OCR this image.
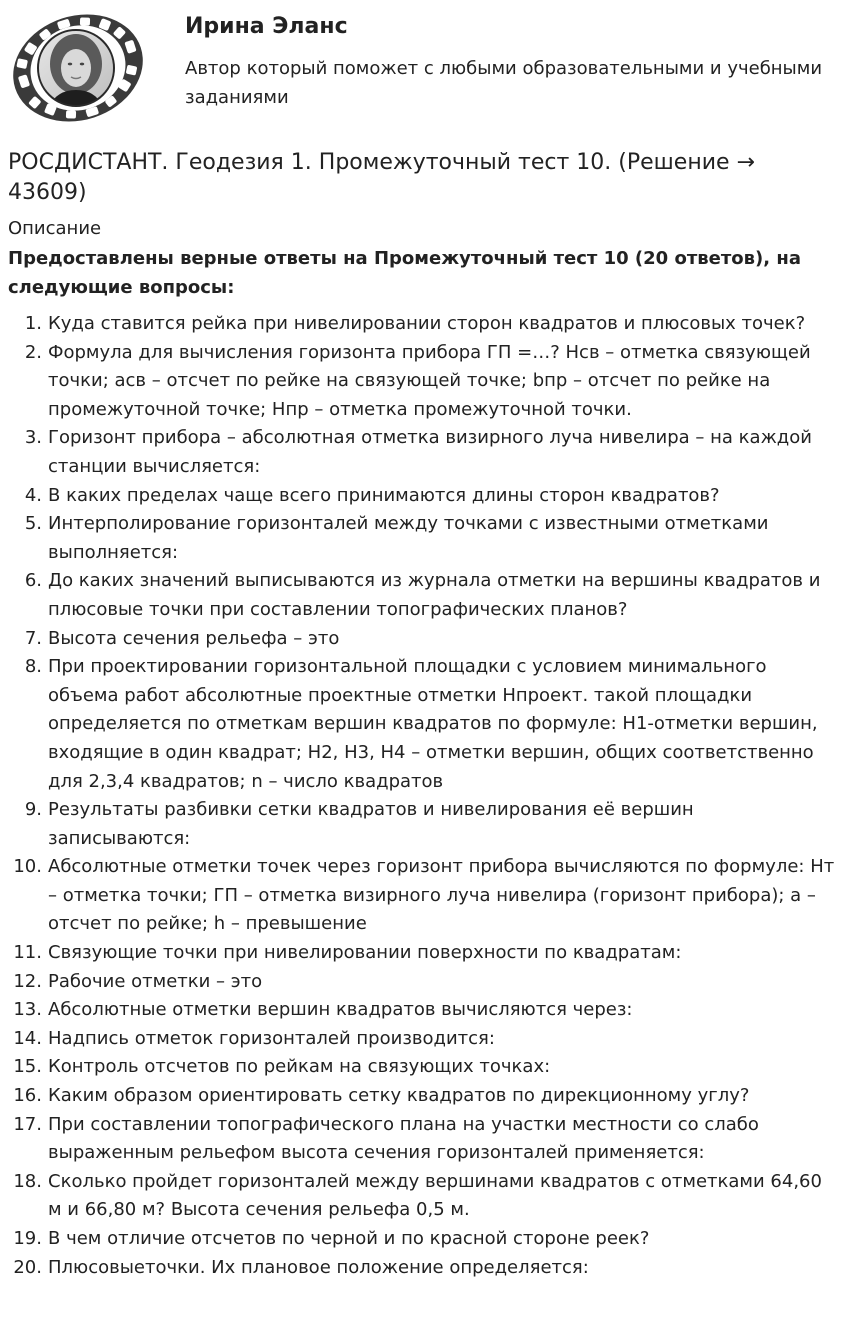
Ирина Эланс
Автор который поможет с любыми образовательными и учебными заданиями
РОСДИСТАНТ. Геодезия 1. Промежуточный тест 10. (Решение → 43609)
Описание
Предоставлены верные ответы на Промежуточный тест 10 (20 ответов), на следующие вопросы:
1. Куда ставится рейка при нивелировании сторон квадратов и плюсовых точек?
2. Формула для вычисления горизонта прибора ГП =…? Нсв – отметка связующей точки; асв – отсчет по рейке на связующей точке; bпр – отсчет по рейке на промежуточной точке; Нпр – отметка промежуточной точки.
3. Горизонт прибора – абсолютная отметка визирного луча нивелира – на каждой станции вычисляется:
4. В каких пределах чаще всего принимаются длины сторон квадратов?
5. Интерполирование горизонталей между точками с известными отметками выполняется:
6. До каких значений выписываются из журнала отметки на вершины квадратов и плюсовые точки при составлении топографических планов?
7. Высота сечения рельефа – это
8. При проектировании горизонтальной площадки с условием минимального объема работ абсолютные проектные отметки Нпроект. такой площадки определяется по отметкам вершин квадратов по формуле: Н1-отметки вершин, входящие в один квадрат; Н2, Н3, Н4 – отметки вершин, общих соответственно для 2,3,4 квадратов; n – число квадратов
9. Результаты разбивки сетки квадратов и нивелирования её вершин записываются:
10. Абсолютные отметки точек через горизонт прибора вычисляются по формуле: Нт – отметка точки; ГП – отметка визирного луча нивелира (горизонт прибора); а – отсчет по рейке; h – превышение
11. Связующие точки при нивелировании поверхности по квадратам:
12. Рабочие отметки – это
13. Абсолютные отметки вершин квадратов вычисляются через:
14. Надпись отметок горизонталей производится:
15. Контроль отсчетов по рейкам на связующих точках:
16. Каким образом ориентировать сетку квадратов по дирекционному углу?
17. При составлении топографического плана на участки местности со слабо выраженным рельефом высота сечения горизонталей применяется:
18. Сколько пройдет горизонталей между вершинами квадратов с отметками 64,60 м и 66,80 м? Высота сечения рельефа 0,5 м.
19. В чем отличие отсчетов по черной и по красной стороне реек?
20. Плюсовыеточки. Их плановое положение определяется:
